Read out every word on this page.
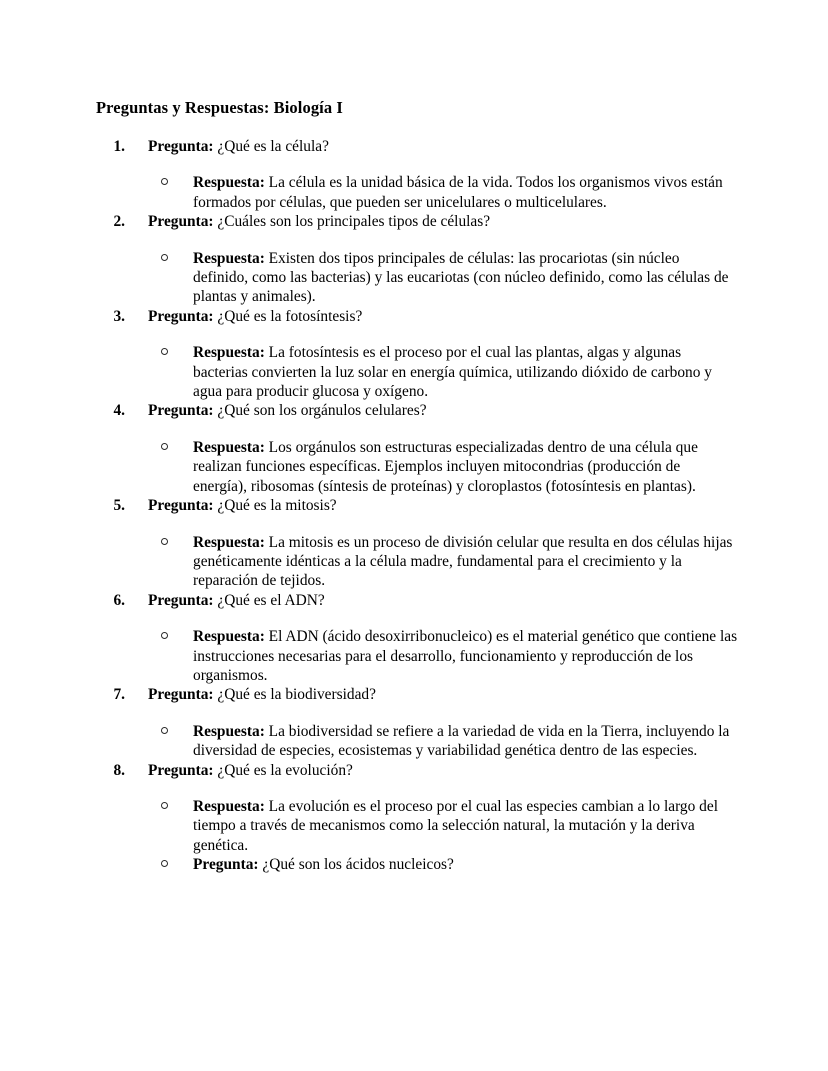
Preguntas y Respuestas: Biología I
1. Pregunta: ¿Qué es la célula?
Respuesta: La célula es la unidad básica de la vida. Todos los organismos vivos están formados por células, que pueden ser unicelulares o multicelulares.
2. Pregunta: ¿Cuáles son los principales tipos de células?
Respuesta: Existen dos tipos principales de células: las procariotas (sin núcleo definido, como las bacterias) y las eucariotas (con núcleo definido, como las células de plantas y animales).
3. Pregunta: ¿Qué es la fotosíntesis?
Respuesta: La fotosíntesis es el proceso por el cual las plantas, algas y algunas bacterias convierten la luz solar en energía química, utilizando dióxido de carbono y agua para producir glucosa y oxígeno.
4. Pregunta: ¿Qué son los orgánulos celulares?
Respuesta: Los orgánulos son estructuras especializadas dentro de una célula que realizan funciones específicas. Ejemplos incluyen mitocondrias (producción de energía), ribosomas (síntesis de proteínas) y cloroplastos (fotosíntesis en plantas).
5. Pregunta: ¿Qué es la mitosis?
Respuesta: La mitosis es un proceso de división celular que resulta en dos células hijas genéticamente idénticas a la célula madre, fundamental para el crecimiento y la reparación de tejidos.
6. Pregunta: ¿Qué es el ADN?
Respuesta: El ADN (ácido desoxirribonucleico) es el material genético que contiene las instrucciones necesarias para el desarrollo, funcionamiento y reproducción de los organismos.
7. Pregunta: ¿Qué es la biodiversidad?
Respuesta: La biodiversidad se refiere a la variedad de vida en la Tierra, incluyendo la diversidad de especies, ecosistemas y variabilidad genética dentro de las especies.
8. Pregunta: ¿Qué es la evolución?
Respuesta: La evolución es el proceso por el cual las especies cambian a lo largo del tiempo a través de mecanismos como la selección natural, la mutación y la deriva genética.
Pregunta: ¿Qué son los ácidos nucleicos?
